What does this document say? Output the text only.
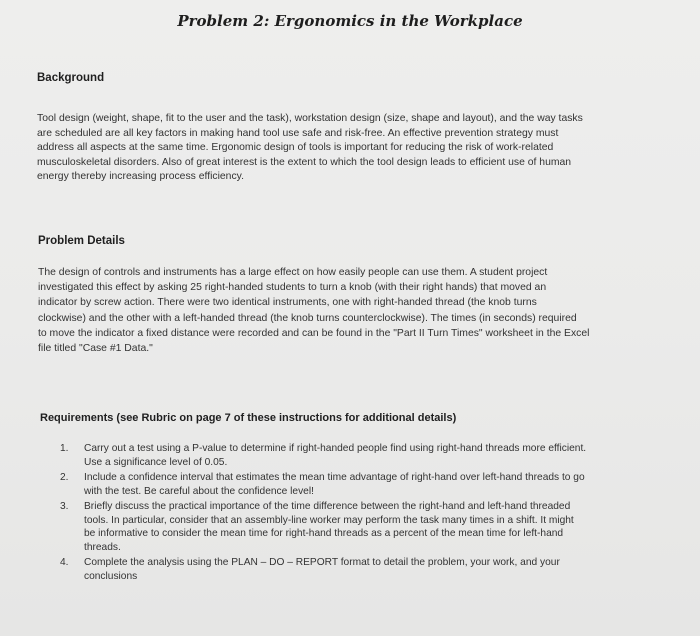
Problem 2: Ergonomics in the Workplace
Background
Tool design (weight, shape, fit to the user and the task), workstation design (size, shape and layout), and the way tasks
are scheduled are all key factors in making hand tool use safe and risk-free. An effective prevention strategy must
address all aspects at the same time. Ergonomic design of tools is important for reducing the risk of work-related
musculoskeletal disorders. Also of great interest is the extent to which the tool design leads to efficient use of human
energy thereby increasing process efficiency.
Problem Details
The design of controls and instruments has a large effect on how easily people can use them. A student project
investigated this effect by asking 25 right-handed students to turn a knob (with their right hands) that moved an
indicator by screw action. There were two identical instruments, one with right-handed thread (the knob turns
clockwise) and the other with a left-handed thread (the knob turns counterclockwise). The times (in seconds) required
to move the indicator a fixed distance were recorded and can be found in the "Part II Turn Times" worksheet in the Excel
file titled "Case #1 Data."
Requirements (see Rubric on page 7 of these instructions for additional details)
1. Carry out a test using a P-value to determine if right-handed people find using right-hand threads more efficient.
Use a significance level of 0.05.
2. Include a confidence interval that estimates the mean time advantage of right-hand over left-hand threads to go
with the test. Be careful about the confidence level!
3. Briefly discuss the practical importance of the time difference between the right-hand and left-hand threaded
tools. In particular, consider that an assembly-line worker may perform the task many times in a shift. It might
be informative to consider the mean time for right-hand threads as a percent of the mean time for left-hand
threads.
4. Complete the analysis using the PLAN – DO – REPORT format to detail the problem, your work, and your
conclusions
